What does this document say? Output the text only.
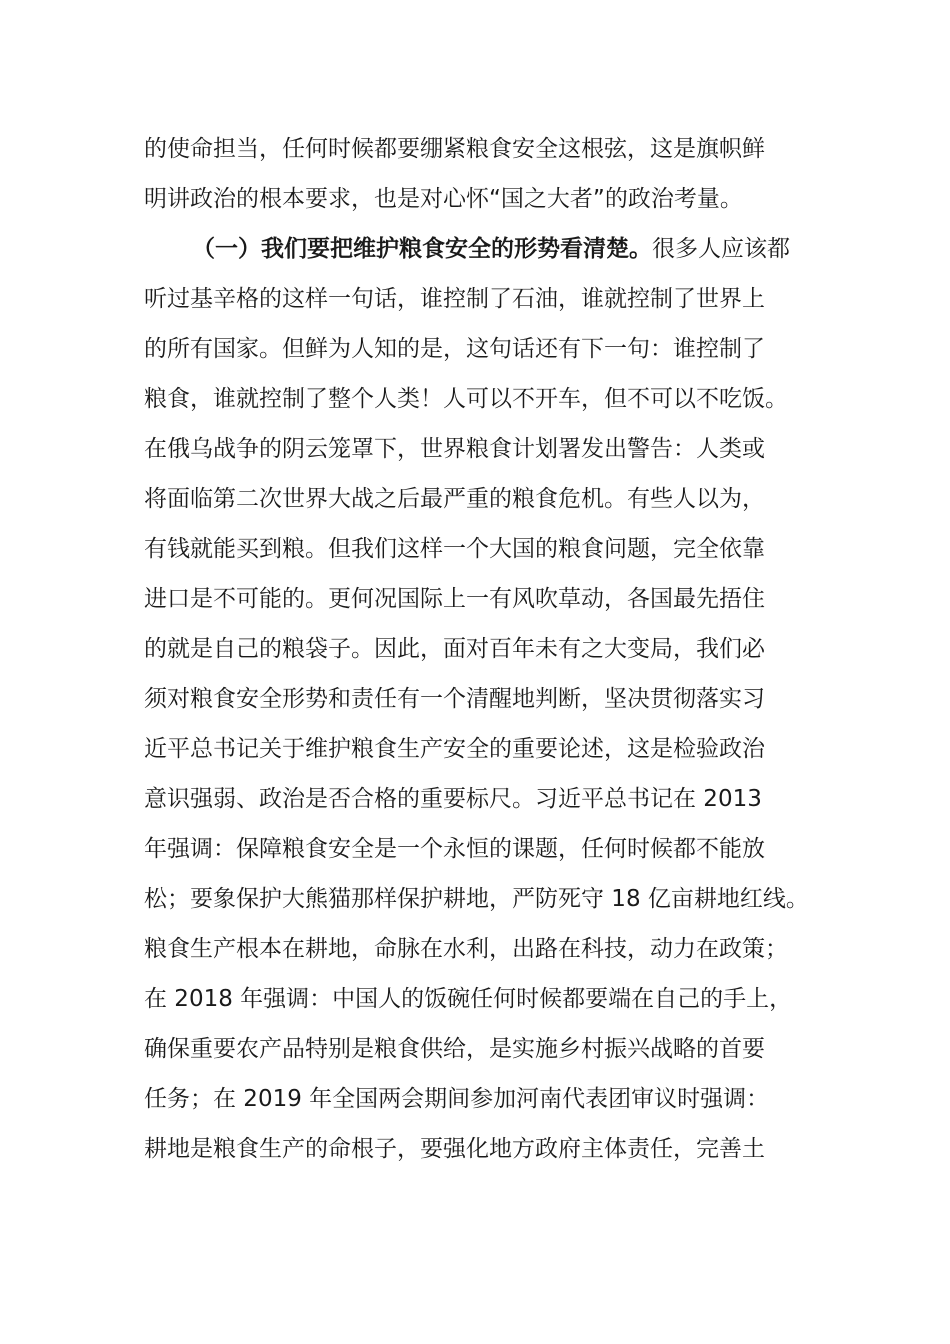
的使命担当，任何时候都要绷紧粮食安全这根弦，这是旗帜鲜
明讲政治的根本要求，也是对心怀“国之大者”的政治考量。
（一）我们要把维护粮食安全的形势看清楚。很多人应该都
听过基辛格的这样一句话，谁控制了石油，谁就控制了世界上
的所有国家。但鲜为人知的是，这句话还有下一句：谁控制了
粮食，谁就控制了整个人类！人可以不开车，但不可以不吃饭。
在俄乌战争的阴云笼罩下，世界粮食计划署发出警告：人类或
将面临第二次世界大战之后最严重的粮食危机。有些人以为，
有钱就能买到粮。但我们这样一个大国的粮食问题，完全依靠
进口是不可能的。更何况国际上一有风吹草动，各国最先捂住
的就是自己的粮袋子。因此，面对百年未有之大变局，我们必
须对粮食安全形势和责任有一个清醒地判断，坚决贯彻落实习
近平总书记关于维护粮食生产安全的重要论述，这是检验政治
意识强弱、政治是否合格的重要标尺。习近平总书记在 2013
年强调：保障粮食安全是一个永恒的课题，任何时候都不能放
松；要象保护大熊猫那样保护耕地，严防死守 18 亿亩耕地红线。
粮食生产根本在耕地，命脉在水利，出路在科技，动力在政策；
在 2018 年强调：中国人的饭碗任何时候都要端在自己的手上，
确保重要农产品特别是粮食供给，是实施乡村振兴战略的首要
任务；在 2019 年全国两会期间参加河南代表团审议时强调：
耕地是粮食生产的命根子，要强化地方政府主体责任，完善土
